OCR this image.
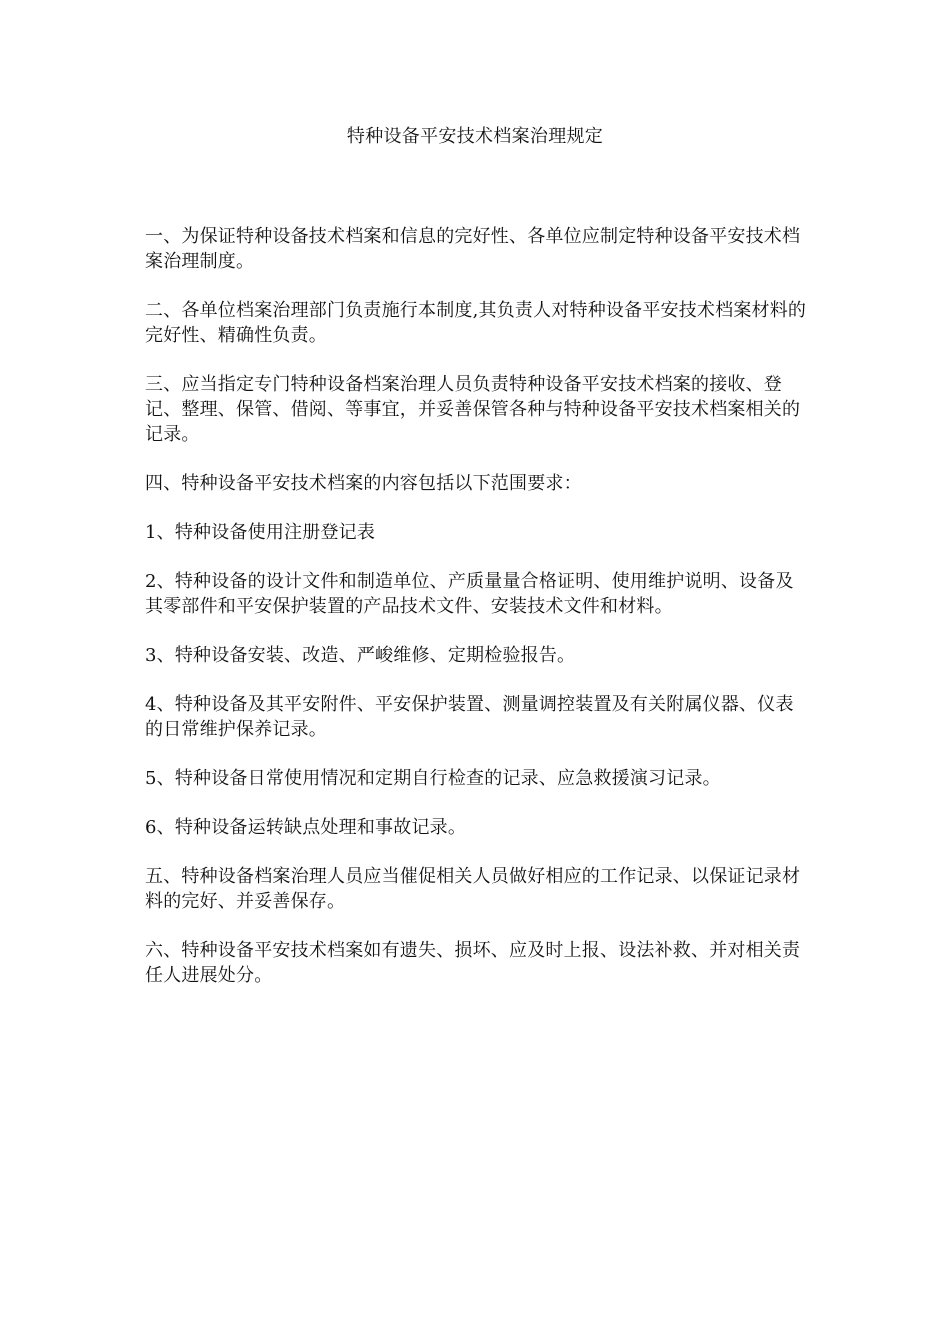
特种设备平安技术档案治理规定

一、为保证特种设备技术档案和信息的完好性、各单位应制定特种设备平安技术档案治理制度。

二、各单位档案治理部门负责施行本制度,其负责人对特种设备平安技术档案材料的完好性、精确性负责。

三、应当指定专门特种设备档案治理人员负责特种设备平安技术档案的接收、登记、整理、保管、借阅、等事宜，并妥善保管各种与特种设备平安技术档案相关的记录。

四、特种设备平安技术档案的内容包括以下范围要求：

1、特种设备使用注册登记表

2、特种设备的设计文件和制造单位、产质量量合格证明、使用维护说明、设备及其零部件和平安保护装置的产品技术文件、安装技术文件和材料。

3、特种设备安装、改造、严峻维修、定期检验报告。

4、特种设备及其平安附件、平安保护装置、测量调控装置及有关附属仪器、仪表的日常维护保养记录。

5、特种设备日常使用情况和定期自行检查的记录、应急救援演习记录。

6、特种设备运转缺点处理和事故记录。

五、特种设备档案治理人员应当催促相关人员做好相应的工作记录、以保证记录材料的完好、并妥善保存。

六、特种设备平安技术档案如有遗失、损坏、应及时上报、设法补救、并对相关责任人进展处分。
